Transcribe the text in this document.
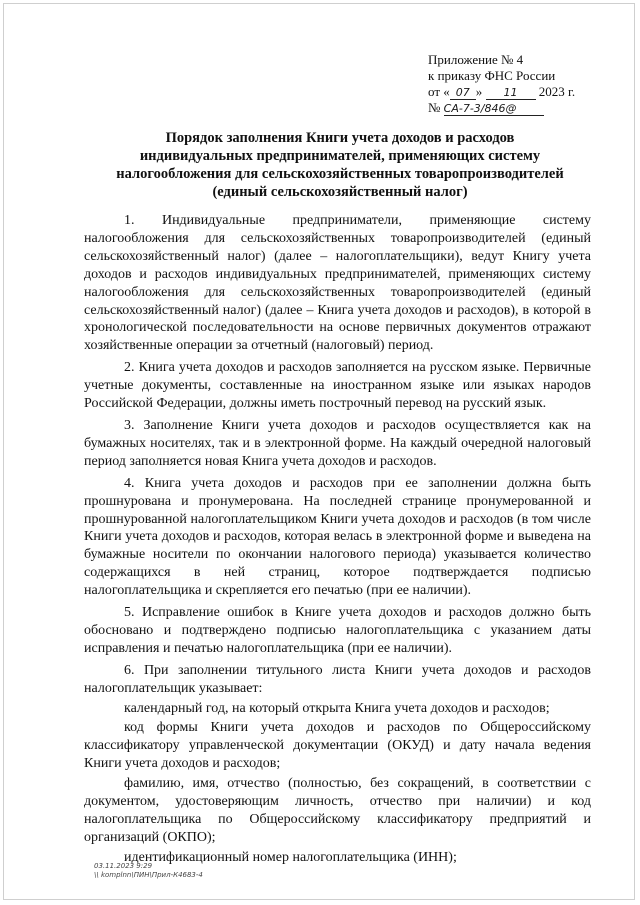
Приложение № 4
к приказу ФНС России
от « 07 » 11 2023 г.
№ СА-7-3/846@
Порядок заполнения Книги учета доходов и расходов
индивидуальных предпринимателей, применяющих систему
налогообложения для сельскохозяйственных товаропроизводителей
(единый сельскохозяйственный налог)

1. Индивидуальные предприниматели, применяющие систему налогообложения для сельскохозяйственных товаропроизводителей (единый сельскохозяйственный налог) (далее – налогоплательщики), ведут Книгу учета доходов и расходов индивидуальных предпринимателей, применяющих систему налогообложения для сельскохозяйственных товаропроизводителей (единый сельскохозяйственный налог) (далее – Книга учета доходов и расходов), в которой в хронологической последовательности на основе первичных документов отражают хозяйственные операции за отчетный (налоговый) период.

2. Книга учета доходов и расходов заполняется на русском языке. Первичные учетные документы, составленные на иностранном языке или языках народов Российской Федерации, должны иметь построчный перевод на русский язык.

3. Заполнение Книги учета доходов и расходов осуществляется как на бумажных носителях, так и в электронной форме. На каждый очередной налоговый период заполняется новая Книга учета доходов и расходов.

4. Книга учета доходов и расходов при ее заполнении должна быть прошнурована и пронумерована. На последней странице пронумерованной и прошнурованной налогоплательщиком Книги учета доходов и расходов (в том числе Книги учета доходов и расходов, которая велась в электронной форме и выведена на бумажные носители по окончании налогового периода) указывается количество содержащихся в ней страниц, которое подтверждается подписью налогоплательщика и скрепляется его печатью (при ее наличии).

5. Исправление ошибок в Книге учета доходов и расходов должно быть обосновано и подтверждено подписью налогоплательщика с указанием даты исправления и печатью налогоплательщика (при ее наличии).

6. При заполнении титульного листа Книги учета доходов и расходов налогоплательщик указывает:

календарный год, на который открыта Книга учета доходов и расходов;

код формы Книги учета доходов и расходов по Общероссийскому классификатору управленческой документации (ОКУД) и дату начала ведения Книги учета доходов и расходов;

фамилию, имя, отчество (полностью, без сокращений, в соответствии с документом, удостоверяющим личность, отчество при наличии) и код налогоплательщика по Общероссийскому классификатору предприятий и организаций (ОКПО);

идентификационный номер налогоплательщика (ИНН);

03.11.2023 9:29
\\ komplnn\ПИН\Прил-К4683-4
